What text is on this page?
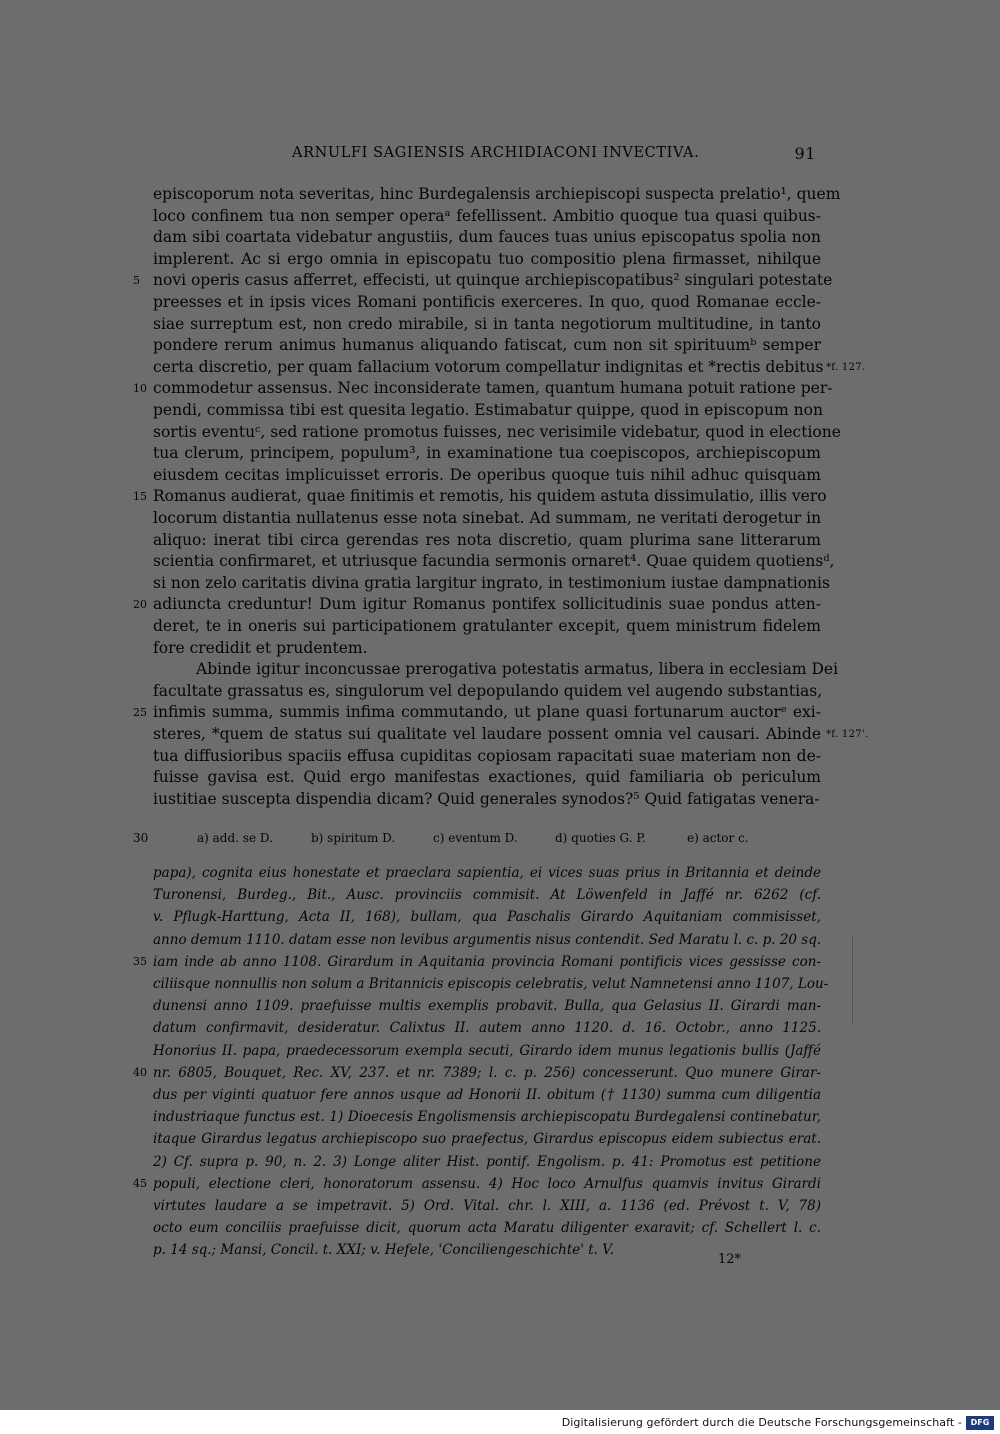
ARNULFI SAGIENSIS ARCHIDIACONI INVECTIVA.	91
episcoporum nota severitas, hinc Burdegalensis archiepiscopi suspecta prelatio¹, quem
loco confinem tua non semper operaᵃ fefellissent. Ambitio quoque tua quasi quibus-
dam sibi coartata videbatur angustiis, dum fauces tuas unius episcopatus spolia non
implerent. Ac si ergo omnia in episcopatu tuo compositio plena firmasset, nihilque
5 novi operis casus afferret, effecisti, ut quinque archiepiscopatibus² singulari potestate
preesses et in ipsis vices Romani pontificis exerceres. In quo, quod Romanae eccle-
siae surreptum est, non credo mirabile, si in tanta negotiorum multitudine, in tanto
pondere rerum animus humanus aliquando fatiscat, cum non sit spirituumᵇ semper
certa discretio, per quam fallacium votorum compellatur indignitas et *rectis debitus
10 commodetur assensus. Nec inconsiderate tamen, quantum humana potuit ratione per-
pendi, commissa tibi est quesita legatio. Estimabatur quippe, quod in episcopum non
sortis eventuᶜ, sed ratione promotus fuisses, nec verisimile videbatur, quod in electione
tua clerum, principem, populum³, in examinatione tua coepiscopos, archiepiscopum
eiusdem cecitas implicuisset erroris. De operibus quoque tuis nihil adhuc quisquam
15 Romanus audierat, quae finitimis et remotis, his quidem astuta dissimulatio, illis vero
locorum distantia nullatenus esse nota sinebat. Ad summam, ne veritati derogetur in
aliquo: inerat tibi circa gerendas res nota discretio, quam plurima sane litterarum
scientia confirmaret, et utriusque facundia sermonis ornaret⁴. Quae quidem quotiensᵈ,
si non zelo caritatis divina gratia largitur ingrato, in testimonium iustae dampnationis
20 adiuncta creduntur! Dum igitur Romanus pontifex sollicitudinis suae pondus atten-
deret, te in oneris sui participationem gratulanter excepit, quem ministrum fidelem
fore credidit et prudentem.
Abinde igitur inconcussae prerogativa potestatis armatus, libera in ecclesiam Dei
facultate grassatus es, singulorum vel depopulando quidem vel augendo substantias,
25 infimis summa, summis infima commutando, ut plane quasi fortunarum auctorᵉ exi-
steres, *quem de status sui qualitate vel laudare possent omnia vel causari. Abinde
tua diffusioribus spaciis effusa cupiditas copiosam rapacitati suae materiam non de-
fuisse gavisa est. Quid ergo manifestas exactiones, quid familiaria ob periculum
iustitiae suscepta dispendia dicam? Quid generales synodos?⁵ Quid fatigatas venera-
*f. 127.
*f. 127'.
30	a) add. se D.	b) spiritum D.	c) eventum D.	d) quoties G. P.	e) actor c.
papa), cognita eius honestate et praeclara sapientia, ei vices suas prius in Britannia et deinde
Turonensi, Burdeg., Bit., Ausc. provinciis commisit. At Löwenfeld in Jaffé nr. 6262 (cf.
v. Pflugk-Harttung, Acta II, 168), bullam, qua Paschalis Girardo Aquitaniam commisisset,
anno demum 1110. datam esse non levibus argumentis nisus contendit. Sed Maratu l. c. p. 20 sq.
35 iam inde ab anno 1108. Girardum in Aquitania provincia Romani pontificis vices gessisse con-
ciliisque nonnullis non solum a Britannicis episcopis celebratis, velut Namnetensi anno 1107, Lou-
dunensi anno 1109. praefuisse multis exemplis probavit. Bulla, qua Gelasius II. Girardi man-
datum confirmavit, desideratur. Calixtus II. autem anno 1120. d. 16. Octobr., anno 1125.
Honorius II. papa, praedecessorum exempla secuti, Girardo idem munus legationis bullis (Jaffé
40 nr. 6805, Bouquet, Rec. XV, 237. et nr. 7389; l. c. p. 256) concesserunt. Quo munere Girar-
dus per viginti quatuor fere annos usque ad Honorii II. obitum († 1130) summa cum diligentia
industriaque functus est. 1) Dioecesis Engolismensis archiepiscopatu Burdegalensi continebatur,
itaque Girardus legatus archiepiscopo suo praefectus, Girardus episcopus eidem subiectus erat.
2) Cf. supra p. 90, n. 2. 3) Longe aliter Hist. pontif. Engolism. p. 41: Promotus est petitione
45 populi, electione cleri, honoratorum assensu. 4) Hoc loco Arnulfus quamvis invitus Girardi
virtutes laudare a se impetravit. 5) Ord. Vital. chr. l. XIII, a. 1136 (ed. Prévost t. V, 78)
octo eum conciliis praefuisse dicit, quorum acta Maratu diligenter exaravit; cf. Schellert l. c.
p. 14 sq.; Mansi, Concil. t. XXI; v. Hefele, 'Conciliengeschichte' t. V.
12*
Digitalisierung gefördert durch die Deutsche Forschungsgemeinschaft -	DFG
